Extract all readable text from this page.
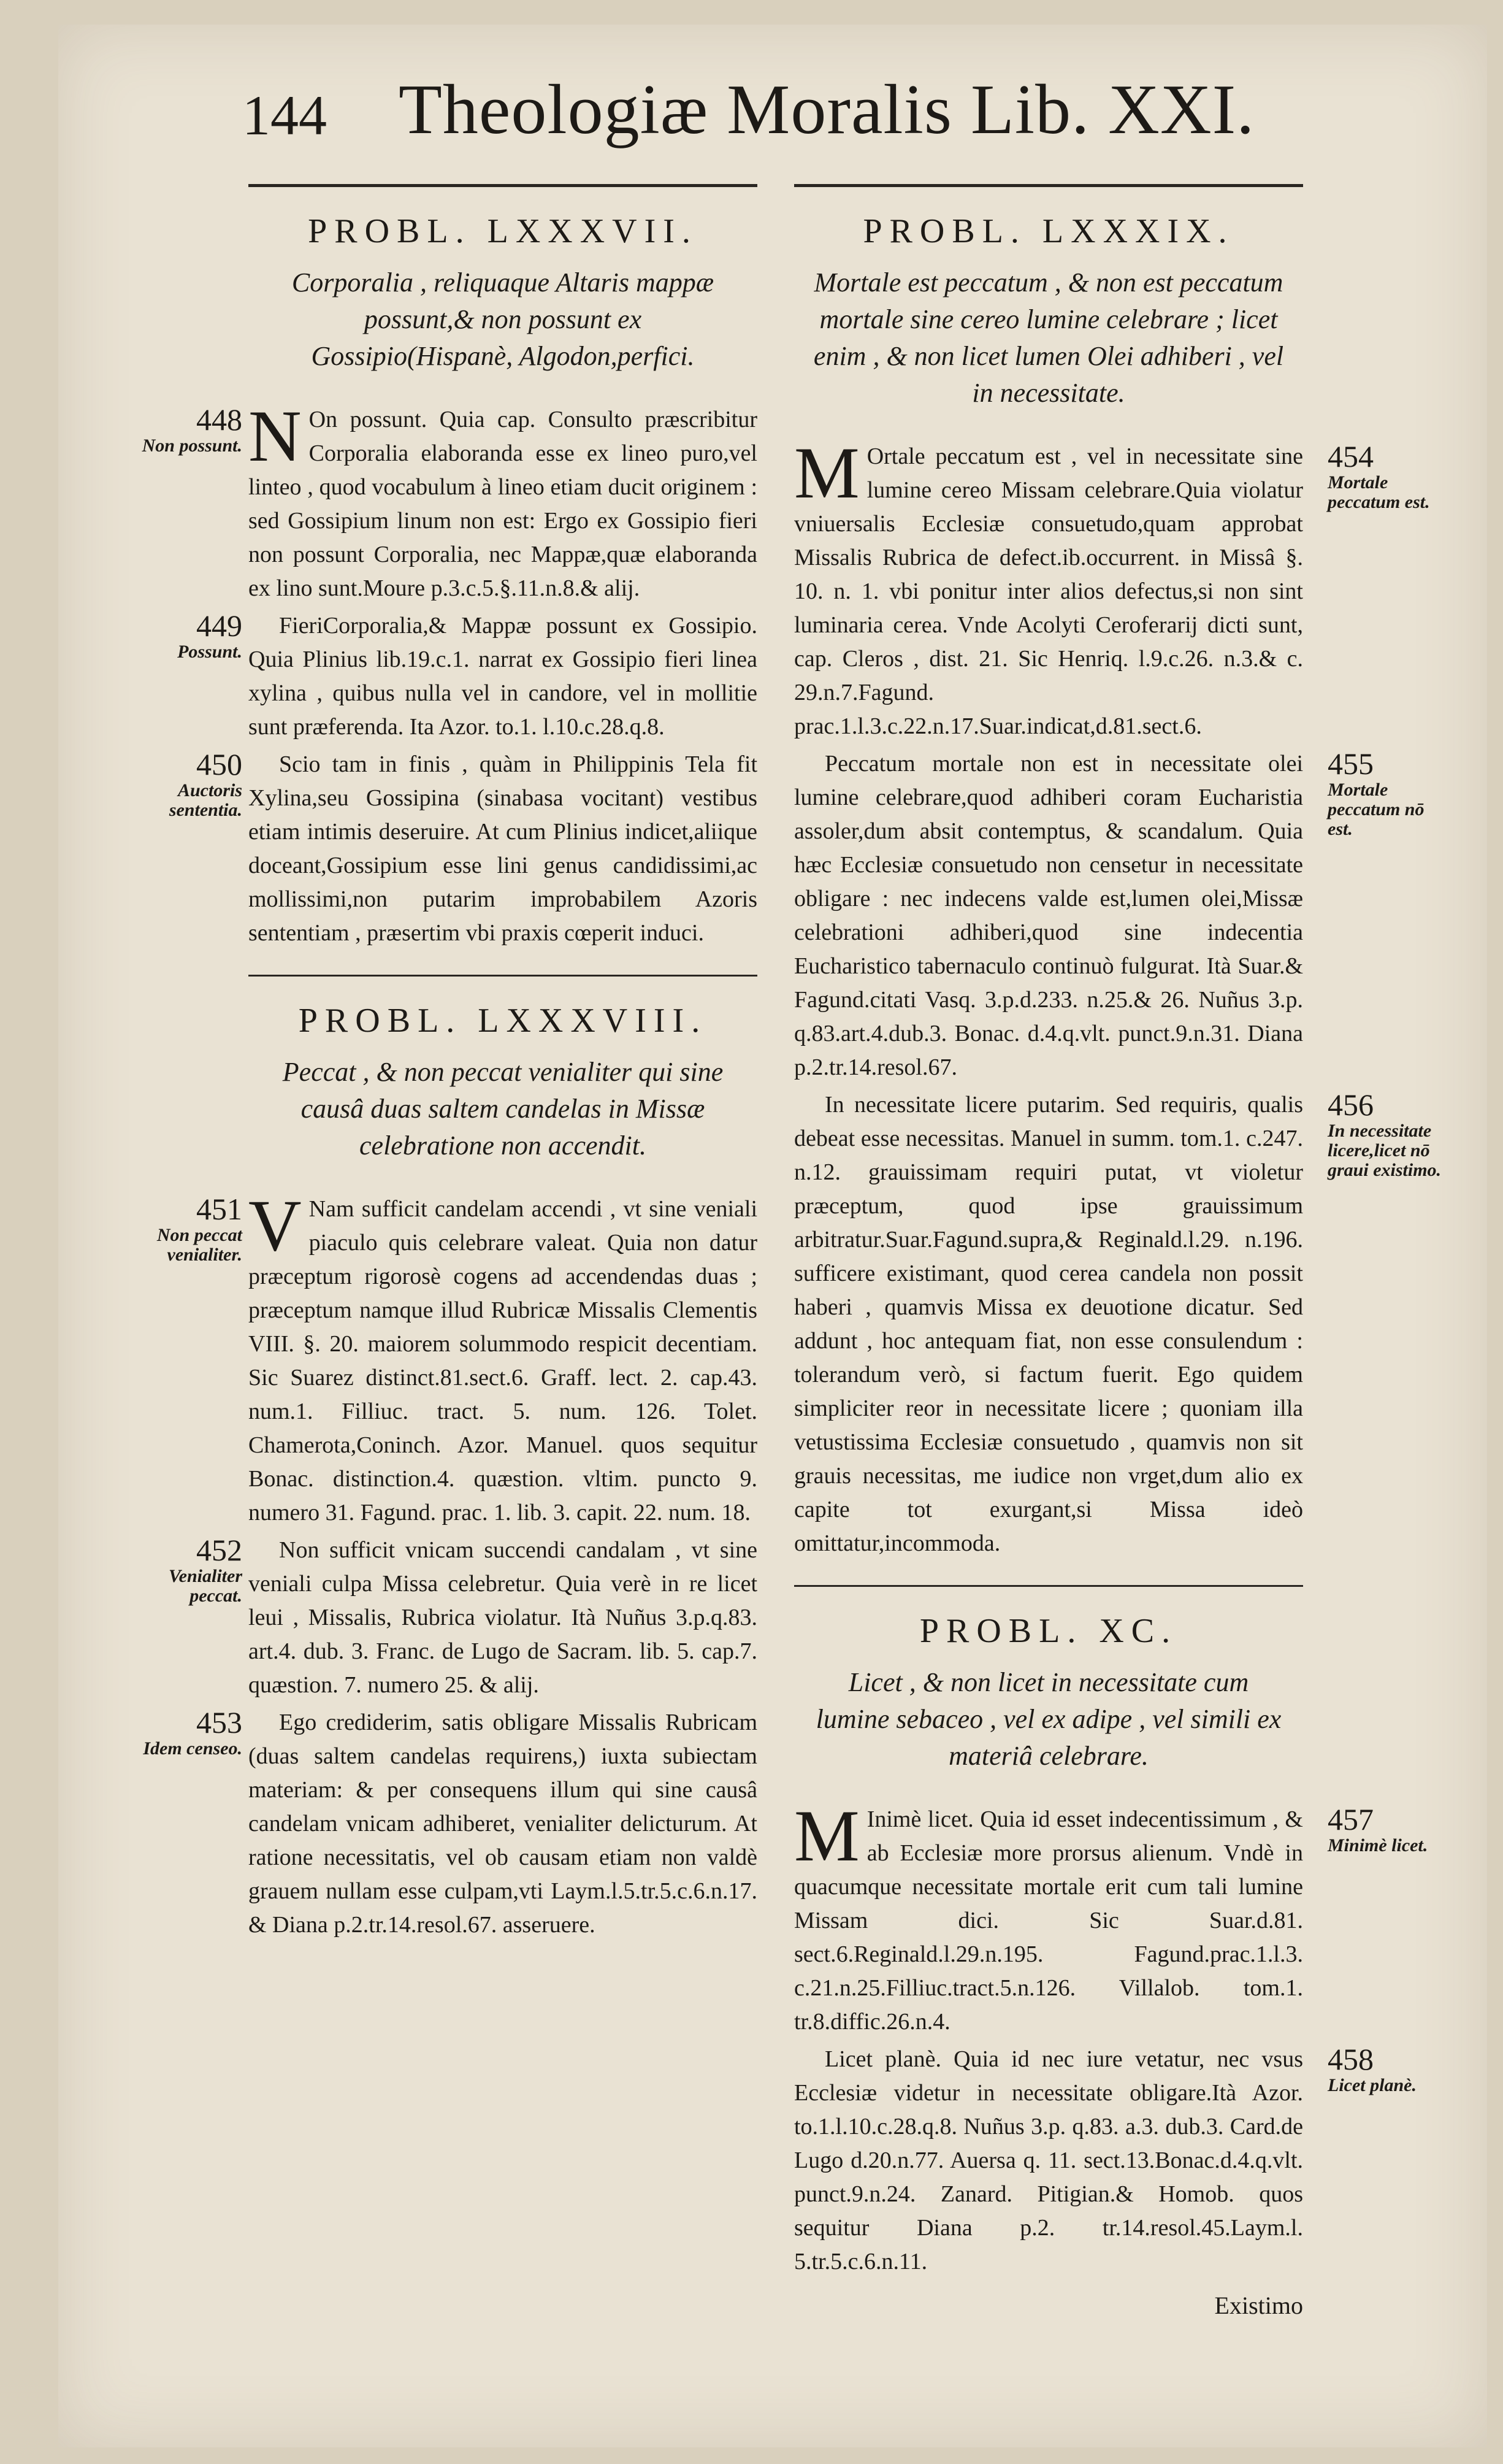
144 Theologiæ Moralis Lib. XXI.
PROBL. LXXXVII.
Corporalia , reliquaque Altaris mappæ possunt,& non possunt ex Gossipio(Hispanè, Algodon,perfici.
448
Non possunt. N On possunt. Quia cap. Consulto præscribitur Corporalia elaboranda esse ex lineo puro,vel linteo , quod vocabulum à lineo etiam ducit originem : sed Gossipium linum non est: Ergo ex Gossipio fieri non possunt Corporalia, nec Mappæ,quæ elaboranda ex lino sunt.Moure p.3.c.5.§.11.n.8.& alij.
449
Possunt.
FieriCorporalia,& Mappæ possunt ex Gossipio. Quia Plinius lib.19.c.1. narrat ex Gossipio fieri linea xylina , quibus nulla vel in candore, vel in mollitie sunt præferenda. Ita Azor. to.1. l.10.c.28.q.8.
450
Auctoris sententia.
Scio tam in finis , quàm in Philippinis Tela fit Xylina,seu Gossipina (sinabasa vocitant) vestibus etiam intimis deseruire. At cum Plinius indicet,aliique doceant,Gossipium esse lini genus candidissimi,ac mollissimi,non putarim improbabilem Azoris sententiam , præsertim vbi praxis cœperit induci.
PROBL. LXXXVIII.
Peccat , & non peccat venialiter qui sine causâ duas saltem candelas in Missæ celebratione non accendit.
451
Non peccat venialiter. V Nam sufficit candelam accendi , vt sine veniali piaculo quis celebrare valeat. Quia non datur præceptum rigorosè cogens ad accendendas duas ; præceptum namque illud Rubricæ Missalis Clementis VIII. §. 20. maiorem solummodo respicit decentiam. Sic Suarez distinct.81.sect.6. Graff. lect. 2. cap.43. num.1. Filliuc. tract. 5. num. 126. Tolet. Chamerota,Coninch. Azor. Manuel. quos sequitur Bonac. distinction.4. quæstion. vltim. puncto 9. numero 31. Fagund. prac. 1. lib. 3. capit. 22. num. 18.
452
Venialiter peccat.
Non sufficit vnicam succendi candalam , vt sine veniali culpa Missa celebretur. Quia verè in re licet leui , Missalis, Rubrica violatur. Ità Nuñus 3.p.q.83. art.4. dub. 3. Franc. de Lugo de Sacram. lib. 5. cap.7. quæstion. 7. numero 25. & alij.
453
Idem censeo.
Ego crediderim, satis obligare Missalis Rubricam (duas saltem candelas requirens,) iuxta subiectam materiam: & per consequens illum qui sine causâ candelam vnicam adhiberet, venialiter delicturum. At ratione necessitatis, vel ob causam etiam non valdè grauem nullam esse culpam,vti Laym.l.5.tr.5.c.6.n.17. & Diana p.2.tr.14.resol.67. asseruere.
PROBL. LXXXIX.
Mortale est peccatum , & non est peccatum mortale sine cereo lumine celebrare ; licet enim , & non licet lumen Olei adhiberi , vel in necessitate.
454
Mortale peccatum est.
M Ortale peccatum est , vel in necessitate sine lumine cereo Missam celebrare.Quia violatur vniuersalis Ecclesiæ consuetudo,quam approbat Missalis Rubrica de defect.ib.occurrent. in Missâ §. 10. n. 1. vbi ponitur inter alios defectus,si non sint luminaria cerea. Vnde Acolyti Ceroferarij dicti sunt, cap. Cleros , dist. 21. Sic Henriq. l.9.c.26. n.3.& c. 29.n.7.Fagund. prac.1.l.3.c.22.n.17.Suar.indicat,d.81.sect.6.
455
Mortale peccatum nō est.
Peccatum mortale non est in necessitate olei lumine celebrare,quod adhiberi coram Eucharistia assoler,dum absit contemptus, & scandalum. Quia hæc Ecclesiæ consuetudo non censetur in necessitate obligare : nec indecens valde est,lumen olei,Missæ celebrationi adhiberi,quod sine indecentia Eucharistico tabernaculo continuò fulgurat. Ità Suar.& Fagund.citati Vasq. 3.p.d.233. n.25.& 26. Nuñus 3.p. q.83.art.4.dub.3. Bonac. d.4.q.vlt. punct.9.n.31. Diana p.2.tr.14.resol.67.
456
In necessitate licere,licet nō graui existimo.
In necessitate licere putarim. Sed requiris, qualis debeat esse necessitas. Manuel in summ. tom.1. c.247. n.12. grauissimam requiri putat, vt violetur præceptum, quod ipse grauissimum arbitratur.Suar.Fagund.supra,& Reginald.l.29. n.196. sufficere existimant, quod cerea candela non possit haberi , quamvis Missa ex deuotione dicatur. Sed addunt , hoc antequam fiat, non esse consulendum : tolerandum verò, si factum fuerit. Ego quidem simpliciter reor in necessitate licere ; quoniam illa vetustissima Ecclesiæ consuetudo , quamvis non sit grauis necessitas, me iudice non vrget,dum alio ex capite tot exurgant,si Missa ideò omittatur,incommoda.
PROBL. XC.
Licet , & non licet in necessitate cum lumine sebaceo , vel ex adipe , vel simili ex materiâ celebrare.
457
Minimè licet.
M Inimè licet. Quia id esset indecentissimum , & ab Ecclesiæ more prorsus alienum. Vndè in quacumque necessitate mortale erit cum tali lumine Missam dici. Sic Suar.d.81. sect.6.Reginald.l.29.n.195. Fagund.prac.1.l.3. c.21.n.25.Filliuc.tract.5.n.126. Villalob. tom.1. tr.8.diffic.26.n.4.
458
Licet planè.
Licet planè. Quia id nec iure vetatur, nec vsus Ecclesiæ videtur in necessitate obligare.Ità Azor. to.1.l.10.c.28.q.8. Nuñus 3.p. q.83. a.3. dub.3. Card.de Lugo d.20.n.77. Auersa q. 11. sect.13.Bonac.d.4.q.vlt. punct.9.n.24. Zanard. Pitigian.& Homob. quos sequitur Diana p.2. tr.14.resol.45.Laym.l. 5.tr.5.c.6.n.11.
Existimo
